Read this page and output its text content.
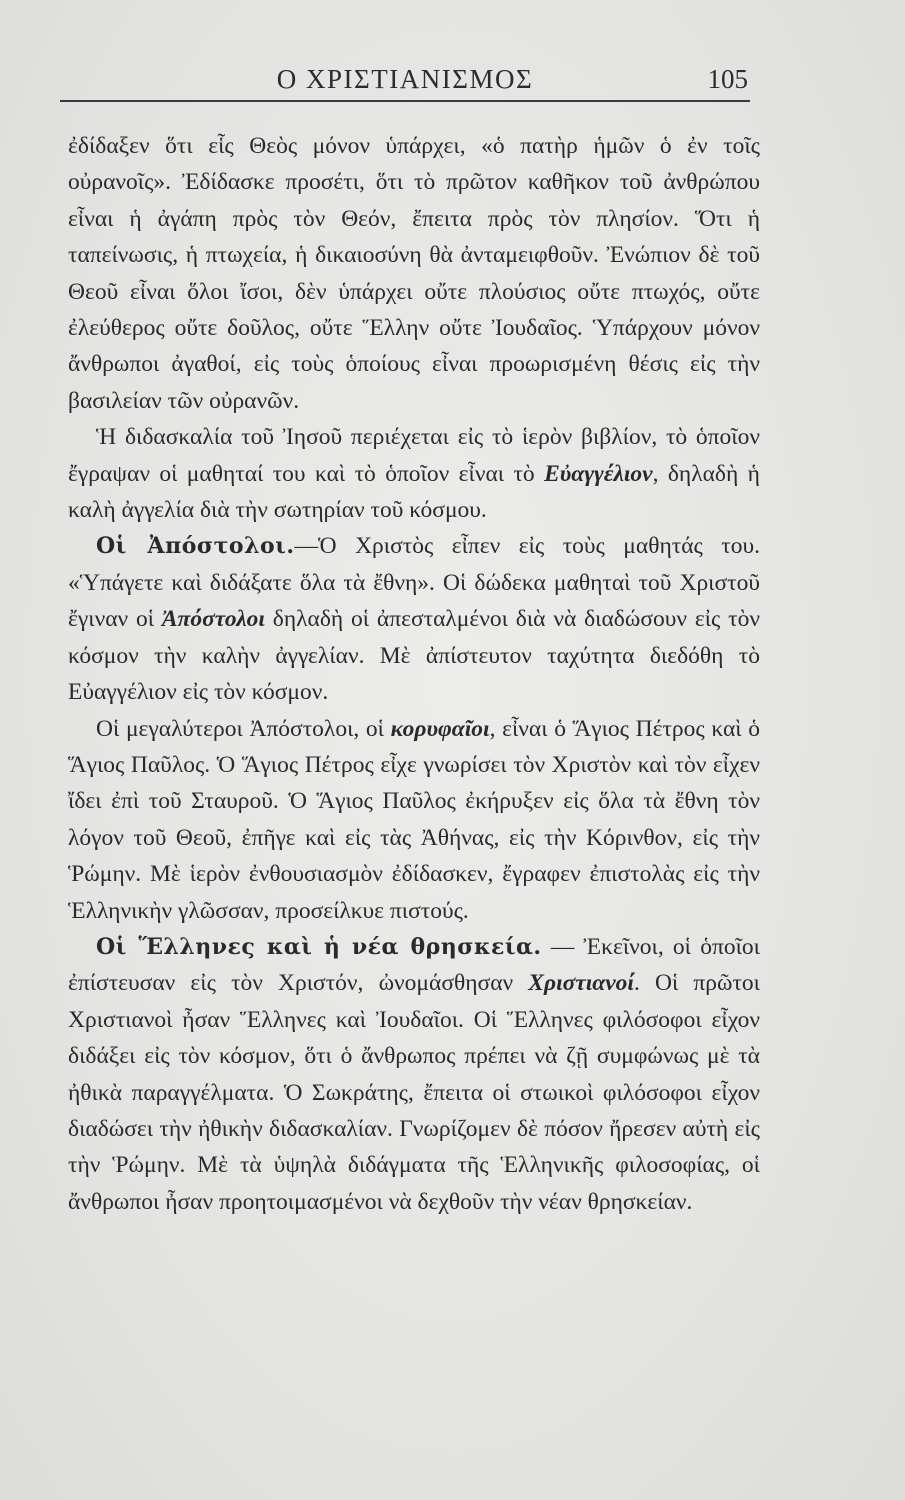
Ο ΧΡΙΣΤΙΑΝΙΣΜΟΣ	105

ἐδίδαξεν ὅτι εἷς Θεὸς μόνον ὑπάρχει, «ὁ πατὴρ ἡμῶν ὁ ἐν τοῖς οὐρανοῖς». Ἐδίδασκε προσέτι, ὅτι τὸ πρῶτον καθῆκον τοῦ ἀνθρώπου εἶναι ἡ ἀγάπη πρὸς τὸν Θεόν, ἔπειτα πρὸς τὸν πλησίον. Ὅτι ἡ ταπείνωσις, ἡ πτωχεία, ἡ δικαιοσύνη θὰ ἀνταμειφθοῦν. Ἐνώπιον δὲ τοῦ Θεοῦ εἶναι ὅλοι ἴσοι, δὲν ὑπάρχει οὔτε πλούσιος οὔτε πτωχός, οὔτε ἐλεύθερος οὔτε δοῦλος, οὔτε Ἕλλην οὔτε Ἰουδαῖος. Ὑπάρχουν μόνον ἄνθρωποι ἀγαθοί, εἰς τοὺς ὁποίους εἶναι προωρισμένη θέσις εἰς τὴν βασιλείαν τῶν οὐρανῶν.

Ἡ διδασκαλία τοῦ Ἰησοῦ περιέχεται εἰς τὸ ἱερὸν βιβλίον, τὸ ὁποῖον ἔγραψαν οἱ μαθηταί του καὶ τὸ ὁποῖον εἶναι τὸ Εὐαγγέλιον, δηλαδὴ ἡ καλὴ ἀγγελία διὰ τὴν σωτηρίαν τοῦ κόσμου.

Οἱ Ἀπόστολοι.—Ὁ Χριστὸς εἶπεν εἰς τοὺς μαθητάς του. «Ὑπάγετε καὶ διδάξατε ὅλα τὰ ἔθνη». Οἱ δώδεκα μαθηταὶ τοῦ Χριστοῦ ἔγιναν οἱ Ἀπόστολοι δηλαδὴ οἱ ἀπεσταλμένοι διὰ νὰ διαδώσουν εἰς τὸν κόσμον τὴν καλὴν ἀγγελίαν. Μὲ ἀπίστευτον ταχύτητα διεδόθη τὸ Εὐαγγέλιον εἰς τὸν κόσμον.

Οἱ μεγαλύτεροι Ἀπόστολοι, οἱ κορυφαῖοι, εἶναι ὁ Ἅγιος Πέτρος καὶ ὁ Ἅγιος Παῦλος. Ὁ Ἅγιος Πέτρος εἶχε γνωρίσει τὸν Χριστὸν καὶ τὸν εἶχεν ἴδει ἐπὶ τοῦ Σταυροῦ. Ὁ Ἅγιος Παῦλος ἐκήρυξεν εἰς ὅλα τὰ ἔθνη τὸν λόγον τοῦ Θεοῦ, ἐπῆγε καὶ εἰς τὰς Ἀθήνας, εἰς τὴν Κόρινθον, εἰς τὴν Ῥώμην. Μὲ ἱερὸν ἐνθουσιασμὸν ἐδίδασκεν, ἔγραφεν ἐπιστολὰς εἰς τὴν Ἑλληνικὴν γλῶσσαν, προσείλκυε πιστούς.

Οἱ Ἕλληνες καὶ ἡ νέα θρησκεία. — Ἐκεῖνοι, οἱ ὁποῖοι ἐπίστευσαν εἰς τὸν Χριστόν, ὠνομάσθησαν Χριστιανοί. Οἱ πρῶτοι Χριστιανοὶ ἦσαν Ἕλληνες καὶ Ἰουδαῖοι. Οἱ Ἕλληνες φιλόσοφοι εἶχον διδάξει εἰς τὸν κόσμον, ὅτι ὁ ἄνθρωπος πρέπει νὰ ζῇ συμφώνως μὲ τὰ ἠθικὰ παραγγέλματα. Ὁ Σωκράτης, ἔπειτα οἱ στωικοὶ φιλόσοφοι εἶχον διαδώσει τὴν ἠθικὴν διδασκαλίαν. Γνωρίζομεν δὲ πόσον ἤρεσεν αὐτὴ εἰς τὴν Ῥώμην. Μὲ τὰ ὑψηλὰ διδάγματα τῆς Ἑλληνικῆς φιλοσοφίας, οἱ ἄνθρωποι ἦσαν προητοιμασμένοι νὰ δεχθοῦν τὴν νέαν θρησκείαν.
